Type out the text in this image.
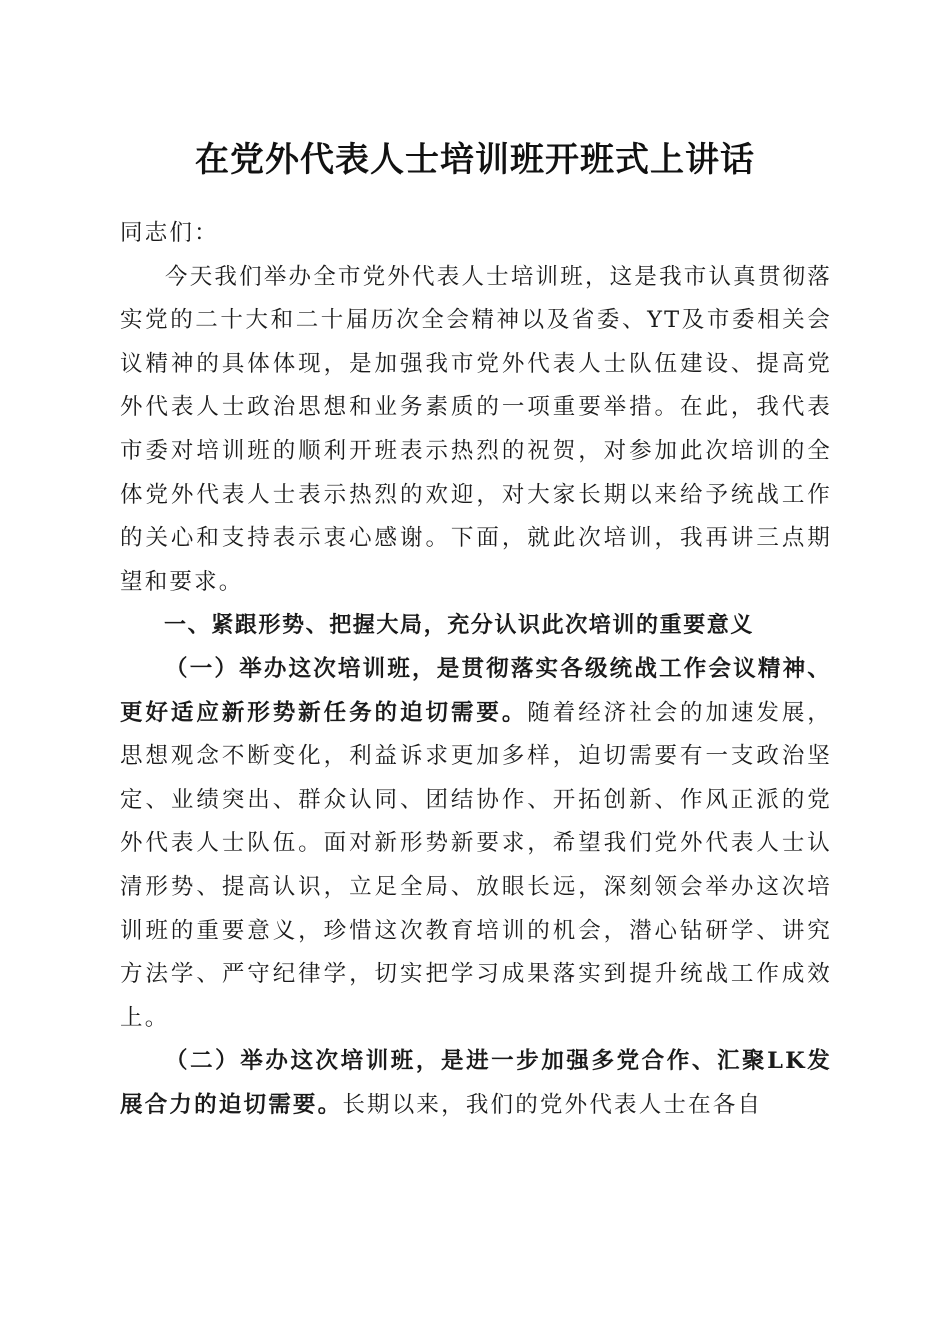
在党外代表人士培训班开班式上讲话

同志们：

今天我们举办全市党外代表人士培训班，这是我市认真贯彻落实党的二十大和二十届历次全会精神以及省委、YT及市委相关会议精神的具体体现，是加强我市党外代表人士队伍建设、提高党外代表人士政治思想和业务素质的一项重要举措。在此，我代表市委对培训班的顺利开班表示热烈的祝贺，对参加此次培训的全体党外代表人士表示热烈的欢迎，对大家长期以来给予统战工作的关心和支持表示衷心感谢。下面，就此次培训，我再讲三点期望和要求。

一、紧跟形势、把握大局，充分认识此次培训的重要意义

（一）举办这次培训班，是贯彻落实各级统战工作会议精神、更好适应新形势新任务的迫切需要。随着经济社会的加速发展，思想观念不断变化，利益诉求更加多样，迫切需要有一支政治坚定、业绩突出、群众认同、团结协作、开拓创新、作风正派的党外代表人士队伍。面对新形势新要求，希望我们党外代表人士认清形势、提高认识，立足全局、放眼长远，深刻领会举办这次培训班的重要意义，珍惜这次教育培训的机会，潜心钻研学、讲究方法学、严守纪律学，切实把学习成果落实到提升统战工作成效上。

（二）举办这次培训班，是进一步加强多党合作、汇聚LK发展合力的迫切需要。长期以来，我们的党外代表人士在各自
